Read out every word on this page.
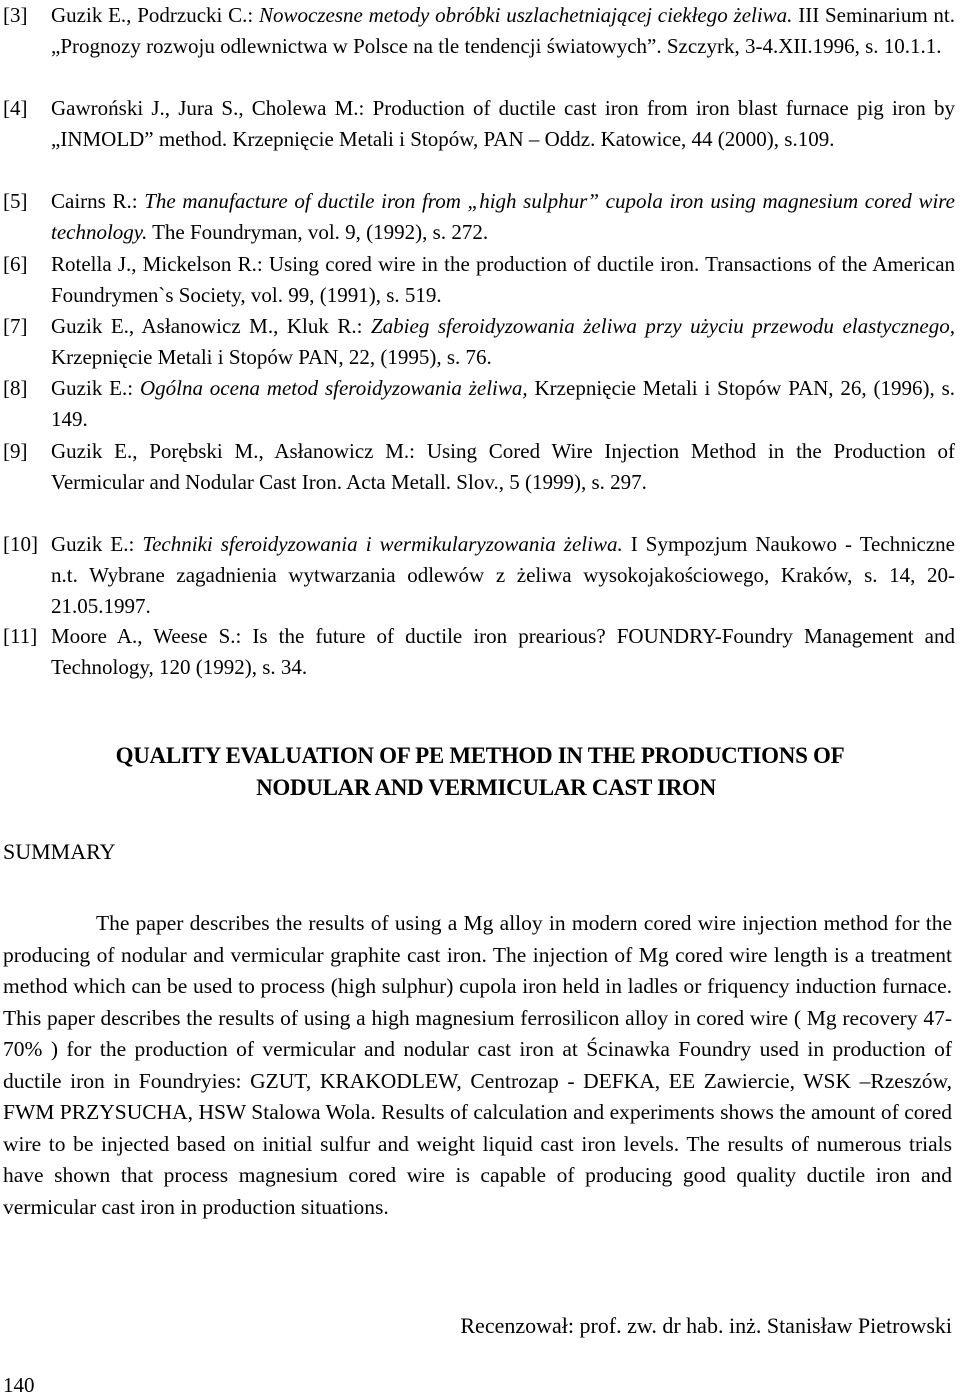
[3] Guzik E., Podrzucki C.: Nowoczesne metody obróbki uszlachetniającej ciekłego żeliwa. III Seminarium nt. „Prognozy rozwoju odlewnictwa w Polsce na tle tendencji światowych”. Szczyrk, 3-4.XII.1996, s. 10.1.1.
[4] Gawroński J., Jura S., Cholewa M.: Production of ductile cast iron from iron blast furnace pig iron by „INMOLD” method. Krzepnięcie Metali i Stopów, PAN – Oddz. Katowice, 44 (2000), s.109.
[5] Cairns R.: The manufacture of ductile iron from „high sulphur” cupola iron using magnesium cored wire technology. The Foundryman, vol. 9, (1992), s. 272.
[6] Rotella J., Mickelson R.: Using cored wire in the production of ductile iron. Transactions of the American Foundrymen`s Society, vol. 99, (1991), s. 519.
[7] Guzik E., Asłanowicz M., Kluk R.: Zabieg sferoidyzowania żeliwa przy użyciu przewodu elastycznego, Krzepnięcie Metali i Stopów PAN, 22, (1995), s. 76.
[8] Guzik E.: Ogólna ocena metod sferoidyzowania żeliwa, Krzepnięcie Metali i Stopów PAN, 26, (1996), s. 149.
[9] Guzik E., Porębski M., Asłanowicz M.: Using Cored Wire Injection Method in the Production of Vermicular and Nodular Cast Iron. Acta Metall. Slov., 5 (1999), s. 297.
[10] Guzik E.: Techniki sferoidyzowania i wermikularyzowania żeliwa. I Sympozjum Naukowo - Techniczne n.t. Wybrane zagadnienia wytwarzania odlewów z żeliwa wysokojakościowego, Kraków, s. 14, 20-21.05.1997.
[11] Moore A., Weese S.: Is the future of ductile iron prearious? FOUNDRY-Foundry Management and Technology, 120 (1992), s. 34.
QUALITY EVALUATION OF PE METHOD IN THE PRODUCTIONS OF
NODULAR AND VERMICULAR CAST IRON
SUMMARY
The paper describes the results of using a Mg alloy in modern cored wire injection method for the producing of nodular and vermicular graphite cast iron. The injection of Mg cored wire length is a treatment method which can be used to process (high sulphur) cupola iron held in ladles or friquency induction furnace. This paper describes the results of using a high magnesium ferrosilicon alloy in cored wire ( Mg recovery 47-70% ) for the production of vermicular and nodular cast iron at Ścinawka Foundry used in production of ductile iron in Foundryies: GZUT, KRAKODLEW, Centrozap - DEFKA, EE Zawiercie, WSK –Rzeszów, FWM PRZYSUCHA, HSW Stalowa Wola. Results of calculation and experiments shows the amount of cored wire to be injected based on initial sulfur and weight liquid cast iron levels. The results of numerous trials have shown that process magnesium cored wire is capable of producing good quality ductile iron and vermicular cast iron in production situations.
Recenzował: prof. zw. dr hab. inż. Stanisław Pietrowski
140
